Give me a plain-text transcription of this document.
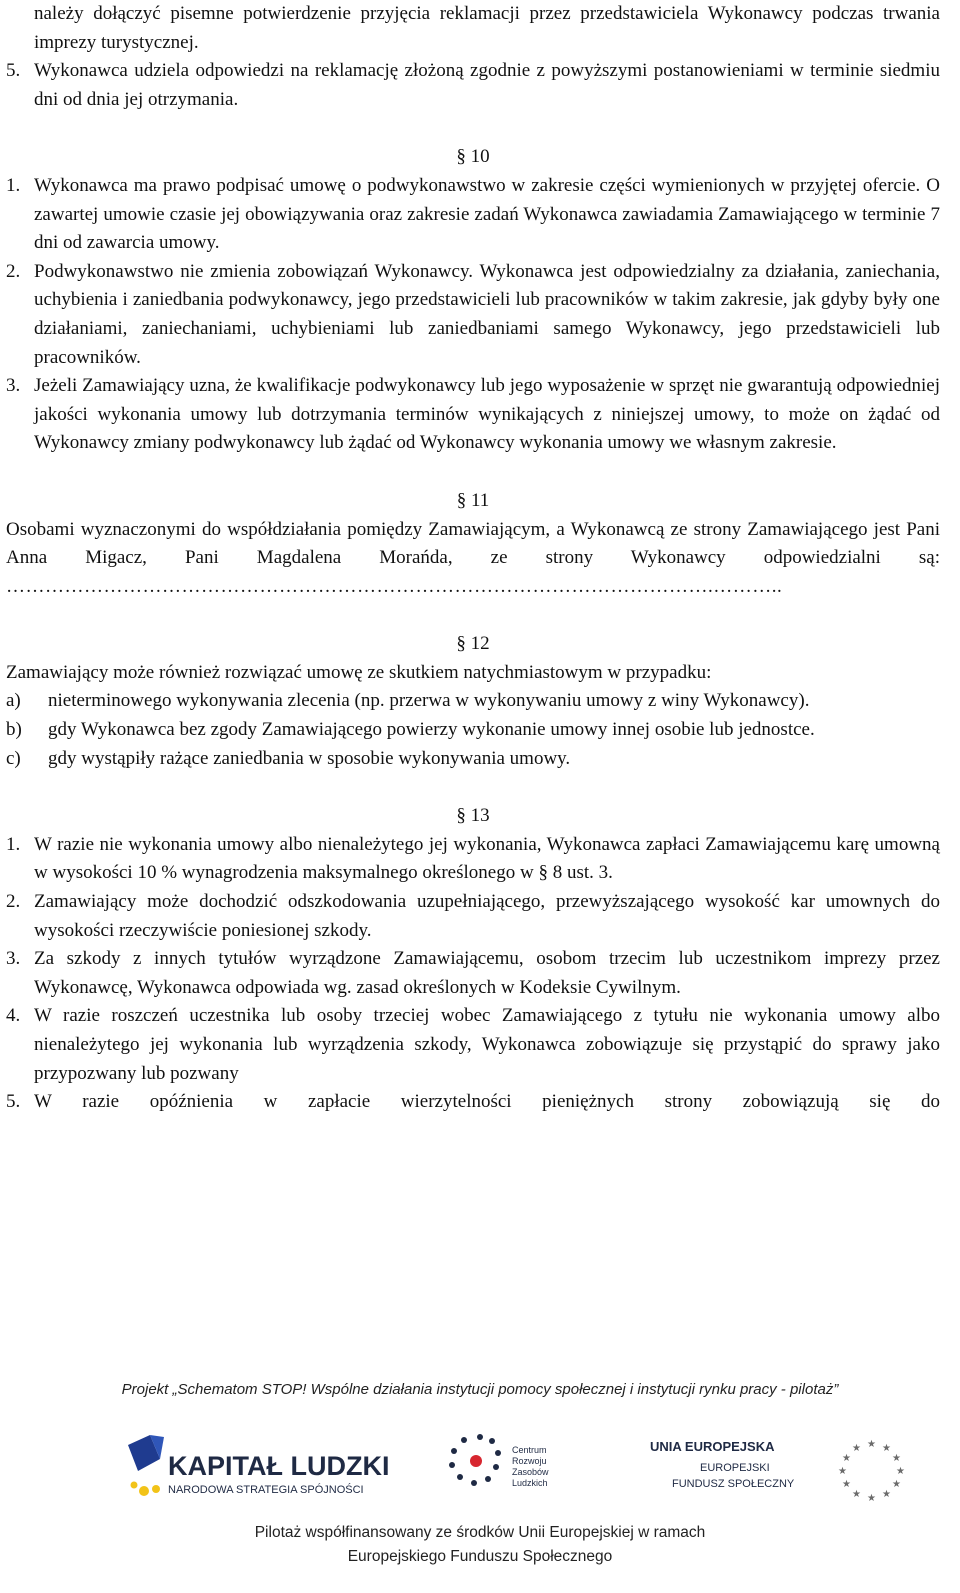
należy dołączyć pisemne potwierdzenie przyjęcia reklamacji przez przedstawiciela Wykonawcy podczas trwania imprezy turystycznej.

5. Wykonawca udziela odpowiedzi na reklamację złożoną zgodnie z powyższymi postanowieniami w terminie siedmiu dni od dnia jej otrzymania.
§ 10
1. Wykonawca ma prawo podpisać umowę o podwykonawstwo w zakresie części wymienionych w przyjętej ofercie. O zawartej umowie czasie jej obowiązywania oraz zakresie zadań Wykonawca zawiadamia Zamawiającego w terminie 7 dni od zawarcia umowy.
2. Podwykonawstwo nie zmienia zobowiązań Wykonawcy. Wykonawca jest odpowiedzialny za działania, zaniechania, uchybienia i zaniedbania podwykonawcy, jego przedstawicieli lub pracowników w takim zakresie, jak gdyby były one działaniami, zaniechaniami, uchybieniami lub zaniedbaniami samego Wykonawcy, jego przedstawicieli lub pracowników.
3. Jeżeli Zamawiający uzna, że kwalifikacje podwykonawcy lub jego wyposażenie w sprzęt nie gwarantują odpowiedniej jakości wykonania umowy lub dotrzymania terminów wynikających z niniejszej umowy, to może on żądać od Wykonawcy zmiany podwykonawcy lub żądać od Wykonawcy wykonania umowy we własnym zakresie.
§ 11

Osobami wyznaczonymi do współdziałania pomiędzy Zamawiającym, a Wykonawcą ze strony Zamawiającego jest Pani Anna Migacz, Pani Magdalena Morańda, ze strony Wykonawcy odpowiedzialni są:

……………………………………………………………………………………………….………..

§ 12

Zamawiający może również rozwiązać umowę ze skutkiem natychmiastowym w przypadku:

a) nieterminowego wykonywania zlecenia (np. przerwa w wykonywaniu umowy z winy Wykonawcy).
b) gdy Wykonawca bez zgody Zamawiającego powierzy wykonanie umowy innej osobie lub jednostce.
c) gdy wystąpiły rażące zaniedbania w sposobie wykonywania umowy.
§ 13
1. W razie nie wykonania umowy albo nienależytego jej wykonania, Wykonawca zapłaci Zamawiającemu karę umowną w wysokości 10 % wynagrodzenia maksymalnego określonego w § 8 ust. 3.
2. Zamawiający może dochodzić odszkodowania uzupełniającego, przewyższającego wysokość kar umownych do wysokości rzeczywiście poniesionej szkody.
3. Za szkody z innych tytułów wyrządzone Zamawiającemu, osobom trzecim lub uczestnikom imprezy przez Wykonawcę, Wykonawca odpowiada wg. zasad określonych w Kodeksie Cywilnym.
4. W razie roszczeń uczestnika lub osoby trzeciej wobec Zamawiającego z tytułu nie wykonania umowy albo nienależytego jej wykonania lub wyrządzenia szkody, Wykonawca zobowiązuje się przystąpić do sprawy jako przypozwany lub pozwany
5. W razie opóźnienia w zapłacie wierzytelności pieniężnych strony zobowiązują się do
Projekt „Schematom STOP! Wspólne działania instytucji pomocy społecznej i instytucji rynku pracy - pilotaż”
KAPITAŁ LUDZKI
NARODOWA STRATEGIA SPÓJNOŚCI
Centrum
Rozwoju
Zasobów
Ludzkich
UNIA EUROPEJSKA
EUROPEJSKI
FUNDUSZ SPOŁECZNY
★ ★
★
★
★
★
★
★
★
★
★
★
Pilotaż współfinansowany ze środków Unii Europejskiej w ramach
Europejskiego Funduszu Społecznego
